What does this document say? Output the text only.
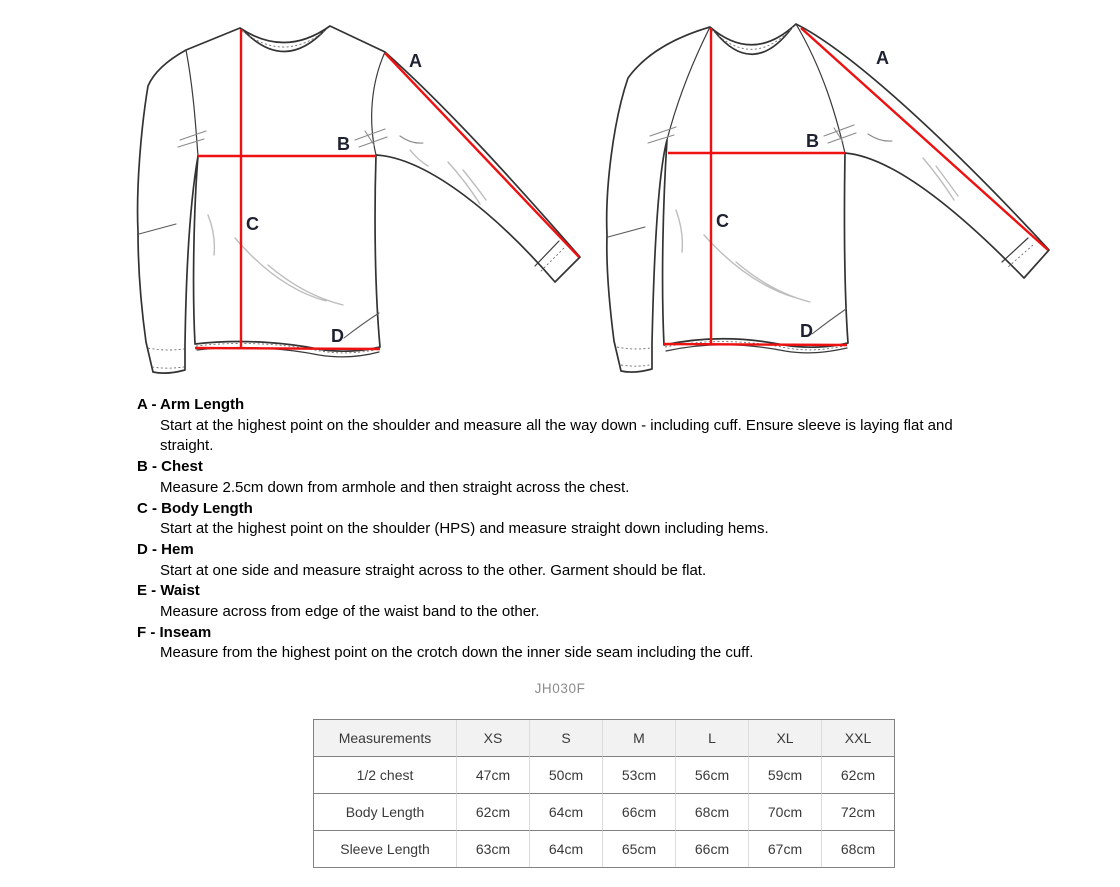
A
B
C
D
A
B
C
D
A - Arm Length
Start at the highest point on the shoulder and measure all the way down - including cuff. Ensure sleeve is laying flat and straight.
B - Chest
Measure 2.5cm down from armhole and then straight across the chest.
C - Body Length
Start at the highest point on the shoulder (HPS) and measure straight down including hems.
D - Hem
Start at one side and measure straight across to the other. Garment should be flat.
E - Waist
Measure across from edge of the waist band to the other.
F - Inseam
Measure from the highest point on the crotch down the inner side seam including the cuff.
JH030F
Measurements	XS	S	M	L	XL	XXL
1/2 chest	47cm	50cm	53cm	56cm	59cm	62cm
Body Length	62cm	64cm	66cm	68cm	70cm	72cm
Sleeve Length	63cm	64cm	65cm	66cm	67cm	68cm
